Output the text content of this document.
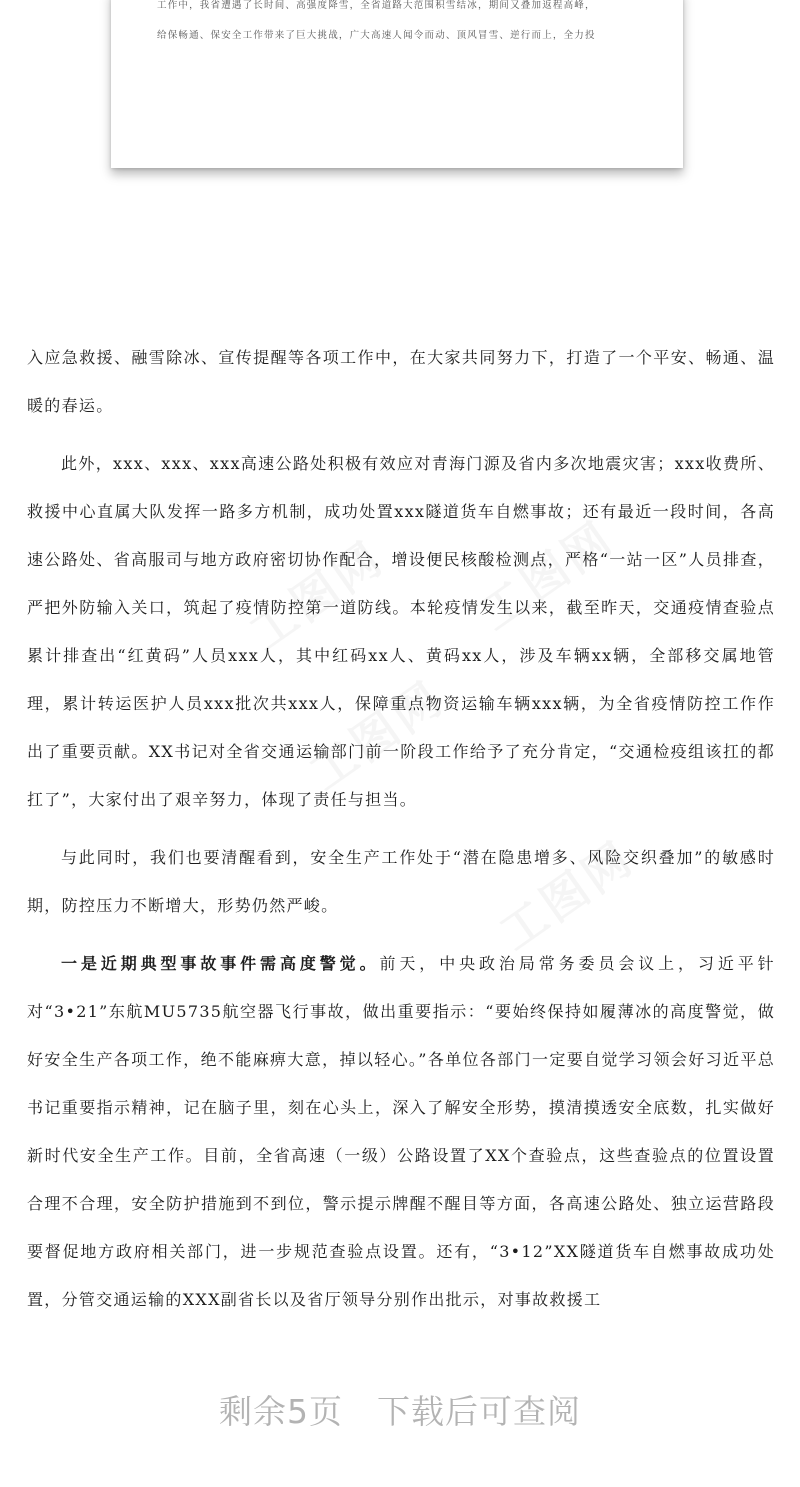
工作中，我省遭遇了长时间、高强度降雪，全省道路大范围积雪结冰，期间又叠加返程高峰，
给保畅通、保安全工作带来了巨大挑战，广大高速人闻令而动、顶风冒雪、逆行而上，全力投
工图网 工图网
工图网
工图网

入应急救援、融雪除冰、宣传提醒等各项工作中，在大家共同努力下，打造了一个平安、畅通、温暖的春运。

此外，xxx、xxx、xxx高速公路处积极有效应对青海门源及省内多次地震灾害；xxx收费所、救援中心直属大队发挥一路多方机制，成功处置xxx隧道货车自燃事故；还有最近一段时间，各高速公路处、省高服司与地方政府密切协作配合，增设便民核酸检测点，严格“一站一区”人员排查，严把外防输入关口，筑起了疫情防控第一道防线。本轮疫情发生以来，截至昨天，交通疫情查验点累计排查出“红黄码”人员xxx人，其中红码xx人、黄码xx人，涉及车辆xx辆，全部移交属地管理，累计转运医护人员xxx批次共xxx人，保障重点物资运输车辆xxx辆，为全省疫情防控工作作出了重要贡献。XX书记对全省交通运输部门前一阶段工作给予了充分肯定，“交通检疫组该扛的都扛了”，大家付出了艰辛努力，体现了责任与担当。

与此同时，我们也要清醒看到，安全生产工作处于“潜在隐患增多、风险交织叠加”的敏感时期，防控压力不断增大，形势仍然严峻。

一是近期典型事故事件需高度警觉。前天，中央政治局常务委员会议上，习近平针对“3•21”东航MU5735航空器飞行事故，做出重要指示：“要始终保持如履薄冰的高度警觉，做好安全生产各项工作，绝不能麻痹大意，掉以轻心。”各单位各部门一定要自觉学习领会好习近平总书记重要指示精神，记在脑子里，刻在心头上，深入了解安全形势，摸清摸透安全底数，扎实做好新时代安全生产工作。目前，全省高速（一级）公路设置了XX个查验点，这些查验点的位置设置合理不合理，安全防护措施到不到位，警示提示牌醒不醒目等方面，各高速公路处、独立运营路段要督促地方政府相关部门，进一步规范查验点设置。还有，“3•12”XX隧道货车自燃事故成功处置，分管交通运输的XXX副省长以及省厅领导分别作出批示，对事故救援工

剩余5页 下载后可查阅
